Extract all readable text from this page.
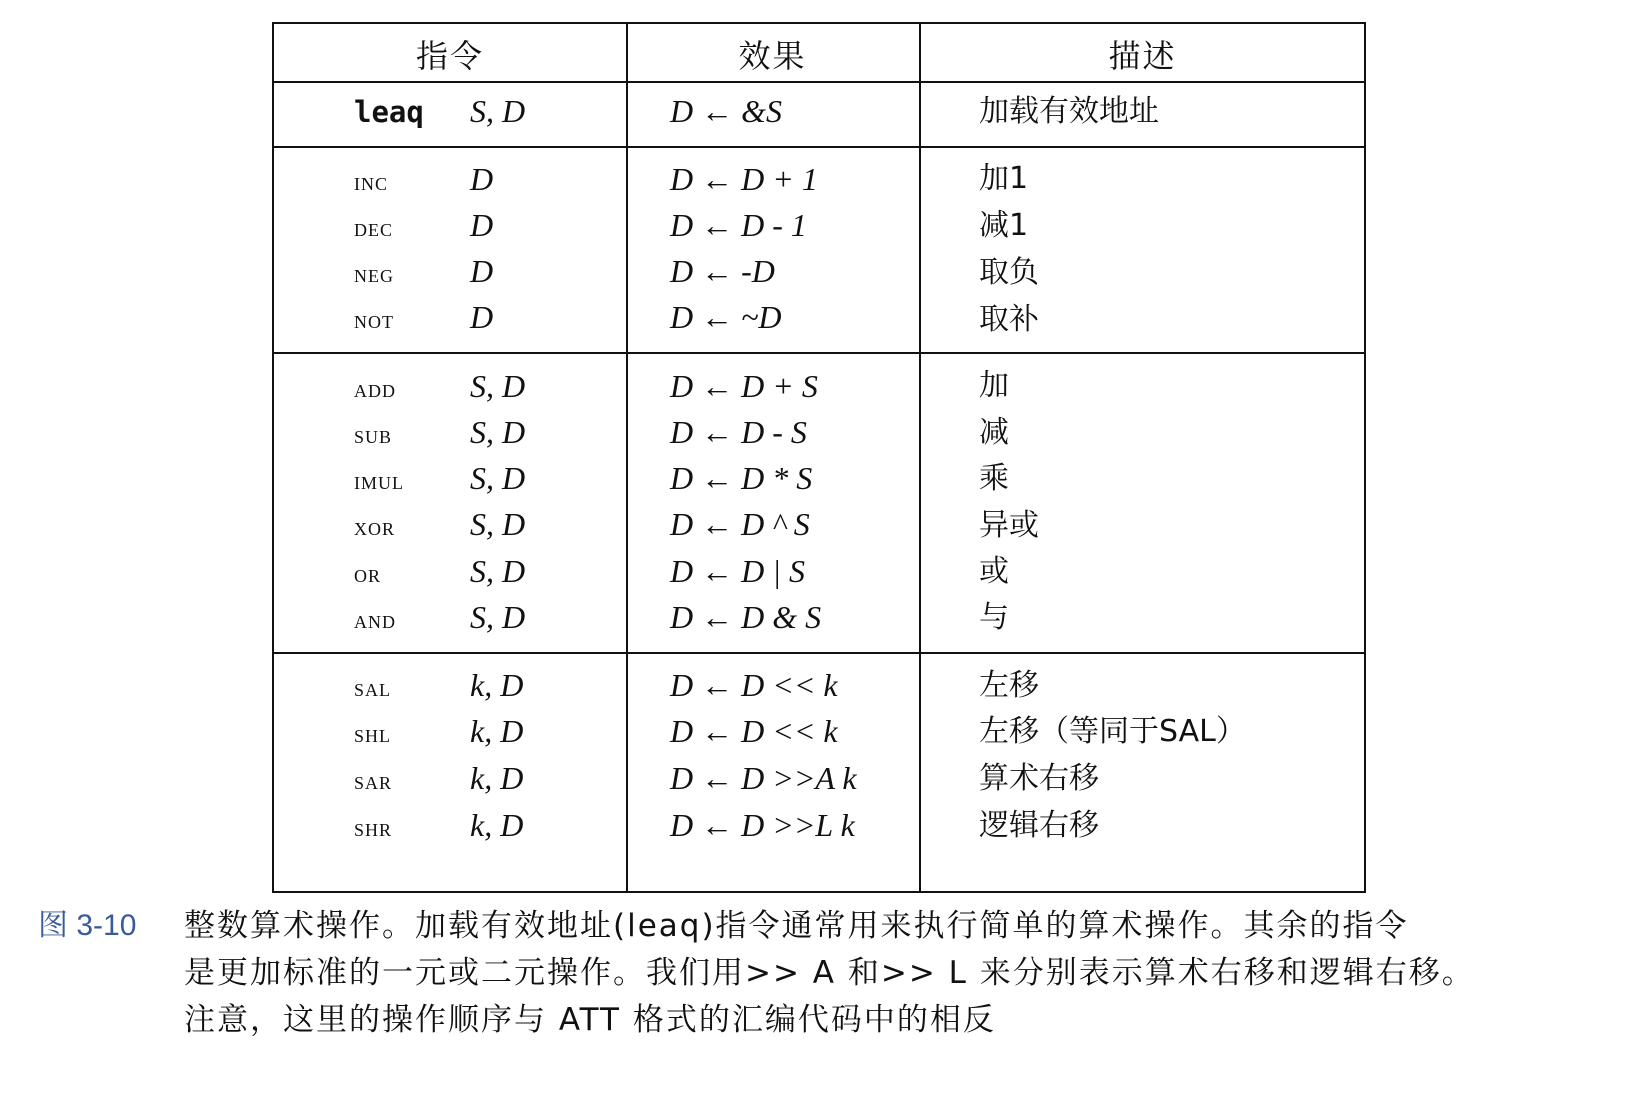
指令	效果	描述
leaq S, D	D ← &S	加载有效地址
inc	D	D ← D + 1	加1
dec D	D ← D - 1	减1
neg D	D ← -D	取负
not D	D ← ~D	取补
add S, D	D ← D + S	加
sub S, D	D ← D - S	减
imul S, D	D ← D * S	乘
xor S, D	D ← D ^ S	异或
or	S, D	D ← D | S	或
and S, D	D ← D & S	与
sal k, D	D ← D << k	左移
shl k, D	D ← D << k	左移（等同于SAL）
sar k, D	D ← D >>A k	算术右移
shr k, D	D ← D >>L k	逻辑右移
图 3-10 整数算术操作。加载有效地址(leaq)指令通常用来执行简单的算术操作。其余的指令
是更加标准的一元或二元操作。我们用>> A 和>> L 来分别表示算术右移和逻辑右移。
注意，这里的操作顺序与 ATT 格式的汇编代码中的相反
